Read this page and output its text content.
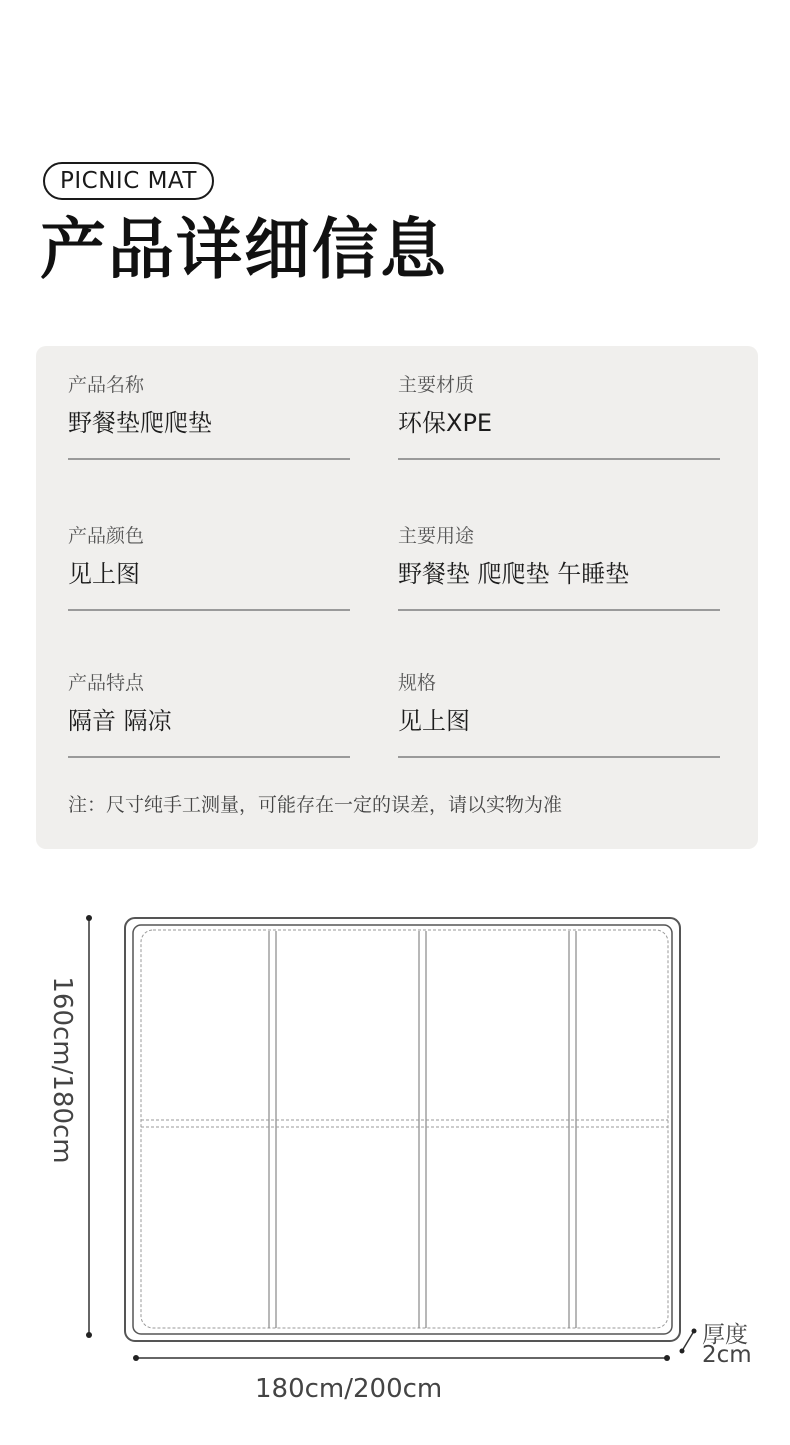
PICNIC MAT
产品详细信息
产品名称
野餐垫爬爬垫
主要材质
环保XPE
产品颜色
见上图
主要用途
野餐垫 爬爬垫 午睡垫
产品特点
隔音 隔凉
规格
见上图
注：尺寸纯手工测量，可能存在一定的误差，请以实物为准
160cm/180cm
180cm/200cm
厚度
2cm
